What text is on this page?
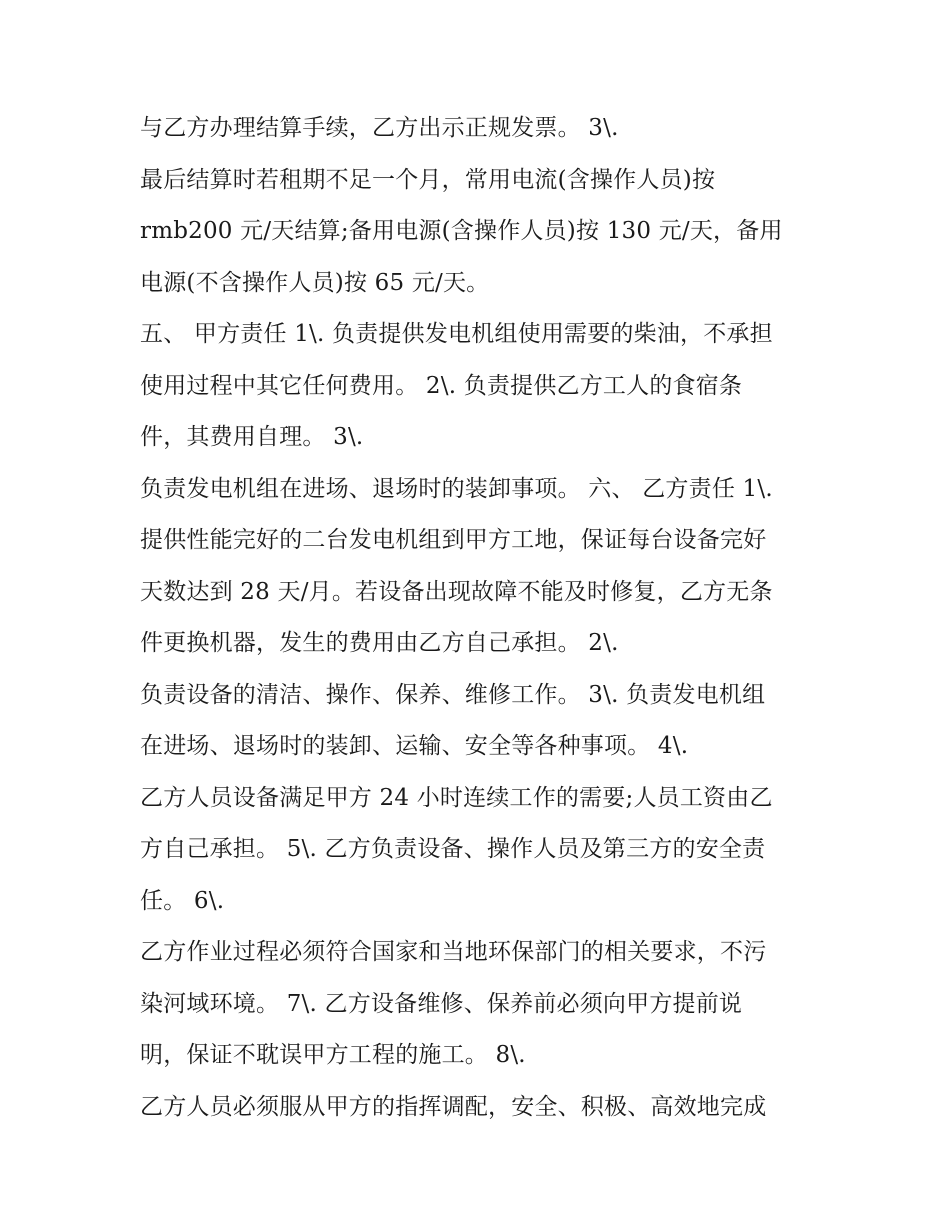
与乙方办理结算手续，乙方出示正规发票。 3\.
最后结算时若租期不足一个月，常用电流(含操作人员)按
rmb200 元/天结算;备用电源(含操作人员)按 130 元/天，备用
电源(不含操作人员)按 65 元/天。
五、 甲方责任 1\. 负责提供发电机组使用需要的柴油，不承担
使用过程中其它任何费用。 2\. 负责提供乙方工人的食宿条
件，其费用自理。 3\.
负责发电机组在进场、退场时的装卸事项。 六、 乙方责任 1\.
提供性能完好的二台发电机组到甲方工地，保证每台设备完好
天数达到 28 天/月。若设备出现故障不能及时修复，乙方无条
件更换机器，发生的费用由乙方自己承担。 2\.
负责设备的清洁、操作、保养、维修工作。 3\. 负责发电机组
在进场、退场时的装卸、运输、安全等各种事项。 4\.
乙方人员设备满足甲方 24 小时连续工作的需要;人员工资由乙
方自己承担。 5\. 乙方负责设备、操作人员及第三方的安全责
任。 6\.
乙方作业过程必须符合国家和当地环保部门的相关要求，不污
染河域环境。 7\. 乙方设备维修、保养前必须向甲方提前说
明，保证不耽误甲方工程的施工。 8\.
乙方人员必须服从甲方的指挥调配，安全、积极、高效地完成
